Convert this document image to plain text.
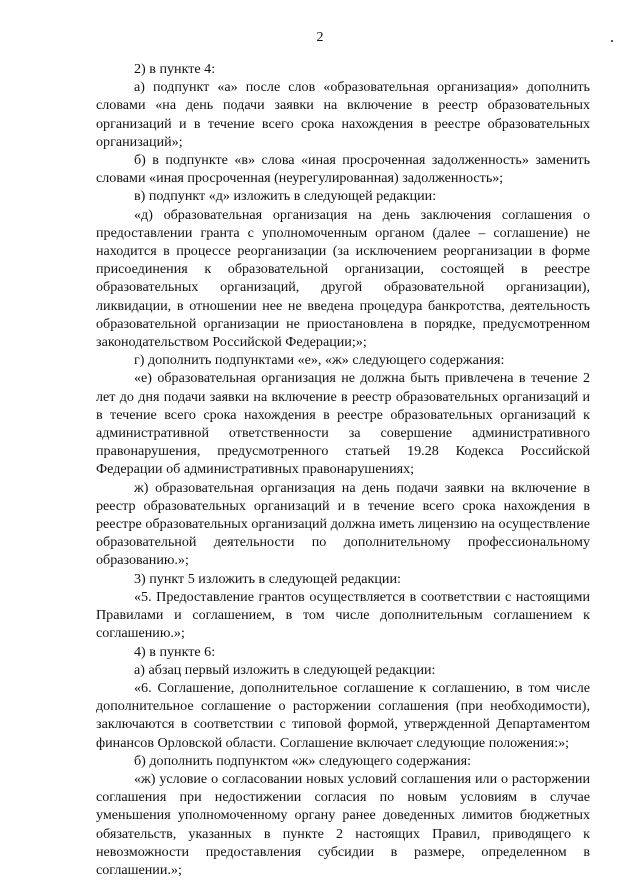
2

2) в пункте 4:

а) подпункт «а» после слов «образовательная организация» дополнить словами «на день подачи заявки на включение в реестр образовательных организаций и в течение всего срока нахождения в реестре образовательных организаций»;

б) в подпункте «в» слова «иная просроченная задолженность» заменить словами «иная просроченная (неурегулированная) задолженность»;

в) подпункт «д» изложить в следующей редакции:

«д) образовательная организация на день заключения соглашения о предоставлении гранта с уполномоченным органом (далее – соглашение) не находится в процессе реорганизации (за исключением реорганизации в форме присоединения к образовательной организации, состоящей в реестре образовательных организаций, другой образовательной организации), ликвидации, в отношении нее не введена процедура банкротства, деятельность образовательной организации не приостановлена в порядке, предусмотренном законодательством Российской Федерации;»;

г) дополнить подпунктами «е», «ж» следующего содержания:

«е) образовательная организация не должна быть привлечена в течение 2 лет до дня подачи заявки на включение в реестр образовательных организаций и в течение всего срока нахождения в реестре образовательных организаций к административной ответственности за совершение административного правонарушения, предусмотренного статьей 19.28 Кодекса Российской Федерации об административных правонарушениях;

ж) образовательная организация на день подачи заявки на включение в реестр образовательных организаций и в течение всего срока нахождения в реестре образовательных организаций должна иметь лицензию на осуществление образовательной деятельности по дополнительному профессиональному образованию.»;

3) пункт 5 изложить в следующей редакции:

«5. Предоставление грантов осуществляется в соответствии с настоящими Правилами и соглашением, в том числе дополнительным соглашением к соглашению.»;

4) в пункте 6:

а) абзац первый изложить в следующей редакции:

«6. Соглашение, дополнительное соглашение к соглашению, в том числе дополнительное соглашение о расторжении соглашения (при необходимости), заключаются в соответствии с типовой формой, утвержденной Департаментом финансов Орловской области. Соглашение включает следующие положения:»;

б) дополнить подпунктом «ж» следующего содержания:

«ж) условие о согласовании новых условий соглашения или о расторжении соглашения при недостижении согласия по новым условиям в случае уменьшения уполномоченному органу ранее доведенных лимитов бюджетных обязательств, указанных в пункте 2 настоящих Правил, приводящего к невозможности предоставления субсидии в размере, определенном в соглашении.»;
